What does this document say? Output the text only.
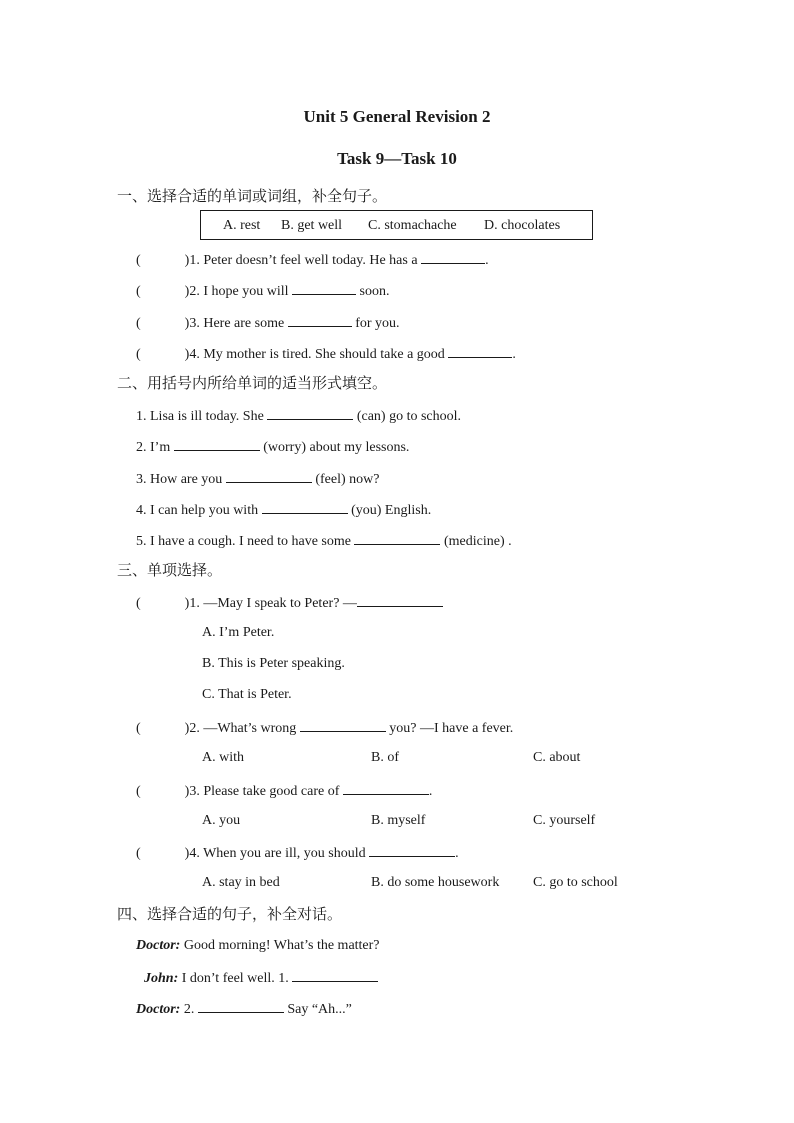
Unit 5 General Revision 2
Task 9—Task 10
一、选择合适的单词或词组，补全句子。
A. rest B. get well C. stomachache D. chocolates
(	)1. Peter doesn’t feel well today. He has a	.
(	)2. I hope you will	soon.
(	)3. Here are some	for you.
(	)4. My mother is tired. She should take a good	.
二、用括号内所给单词的适当形式填空。
1. Lisa is ill today. She	(can) go to school.
2. I’m	(worry) about my lessons.
3. How are you	(feel) now?
4. I can help you with	(you) English.
5. I have a cough. I need to have some	(medicine) .
三、单项选择。
(	)1. —May I speak to Peter? —
A. I’m Peter.
B. This is Peter speaking.
C. That is Peter.
(	)2. —What’s wrong	you? —I have a fever.
A. with	B. of	C. about
(	)3. Please take good care of	.
A. you	B. myself	C. yourself
(	)4. When you are ill, you should	.
A. stay in bed	B. do some housework C. go to school
四、选择合适的句子，补全对话。
Doctor: Good morning! What’s the matter?
John: I don’t feel well. 1.
Doctor: 2.	Say “Ah...”
